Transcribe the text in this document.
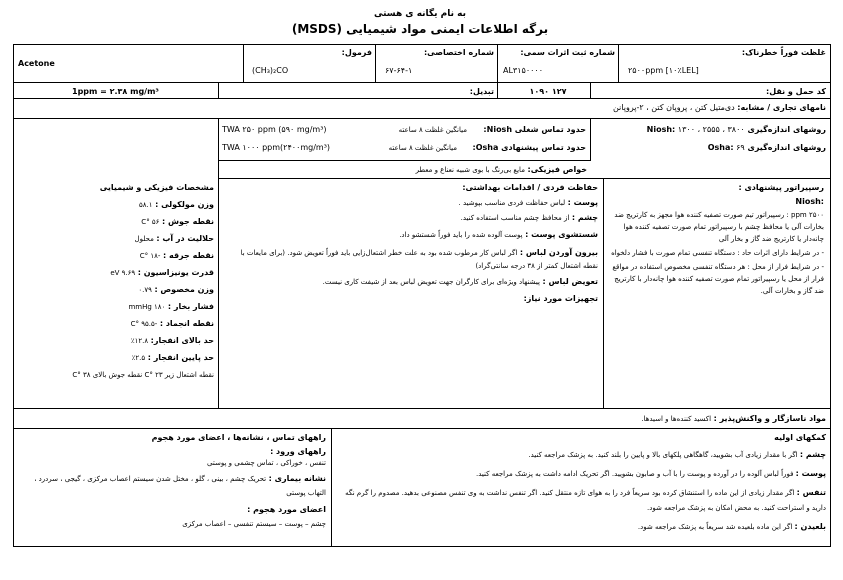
به نام یگانه ی هستی
برگه اطلاعات ایمنی مواد شیمیایی (MSDS)
غلظت فوراً خطرناک:
۲۵۰۰ppm [۱۰٪LEL]
شماره ثبت اثرات سمی:
AL۳۱۵۰۰۰۰
شماره اختصاصی:
۶۷-۶۴-۱
فرمول:
(CH₃)₂CO
Acetone
کد حمل و نقل:
۱۰۹۰ ۱۲۷
تبدیل:
1ppm = ۲.۳۸ mg/m³
نامهای تجاری / مشابه: دی‌متیل کتن ، پروپان کتن ، ۲-پروپانن
روشهای اندازه‌گیری Niosh: ۱۳۰۰ ، ۲۵۵۵ ، ۳۸۰۰
روشهای اندازه‌گیری Osha: ۶۹
حدود تماس شغلی Niosh:
میانگین غلظت ۸ ساعته
TWA ۲۵۰ ppm (۵۹۰ mg/m³)
حدود تماس پیشنهادی Osha:
میانگین غلظت ۸ ساعته
TWA ۱۰۰۰ ppm(۲۴۰۰mg/m³)
خواص فیزیکی: مایع بی‌رنگ با بوی شبیه نعناع و معطر
رسپیراتور پیشنهادی :
Niosh:
ppm ۲۵۰۰ : رسپیراتور تیم صورت تصفیه کننده هوا مجهز به کارتریج ضد بخارات آلی یا محافظ چشم با رسپیراتور تمام صورت تصفیه کننده هوا چانه‌دار یا کارتریج ضد گاز و بخار آلی
- در شرایط دارای اثرات حاد : دستگاه تنفسی تمام صورت با فشار دلخواه
- در شرایط فرار از محل : هر دستگاه تنفسی مخصوص استفاده در مواقع فرار از محل یا رسپیراتور تمام صورت تصفیه کننده هوا چانه‌دار با کارتریج ضد گاز و بخارات آلی.
حفاظت فردی / اقدامات بهداشتی:
پوست : لباس حفاظت فردی مناسب بپوشید .
چشم : از محافظ چشم مناسب استفاده کنید.
شستشوی پوست : پوست آلوده شده را باید فوراً شستشو داد.
بیرون آوردن لباس : اگر لباس کار مرطوب شده بود به علت خطر اشتعال‌زایی باید فوراً تعویض شود. (برای مایعات با نقطه اشتعال کمتر از ۳۸ درجه سانتی‌گراد)
تعویض لباس : پیشنهاد ویژه‌ای برای کارگران جهت تعویض لباس بعد از شیفت کاری نیست.
تجهیزات مورد نیاز:
مشخصات فیزیکی و شیمیایی
وزن مولکولی : ۵۸.۱
نقطه جوش : ۵۶ °C
حلالیت در آب : محلول
نقطه جرقه : -۱۸ °C
قدرت یونیزاسیون : ۹.۶۹ eV
وزن مخصوص : ۰.۷۹
فشار بخار : ۱۸۰ mmHg
نقطه انجماد : -۹۵.۵ °C
حد بالای انفجار: ۱۲.۸٪
حد پایین انفجار : ۲.۵٪
نقطه اشتعال زیر ۲۳ °C نقطه جوش بالای ۳۸ °C
مواد ناسازگار و واکنش‌پذیر : اکسید کننده‌ها و اسیدها.
کمکهای اولیه
چشم : اگر با مقدار زیادی آب بشویید، گاهگاهی پلکهای بالا و پایین را بلند کنید. به پزشک مراجعه کنید.
پوست : فوراً لباس آلوده را در آورده و پوست را با آب و صابون بشویید. اگر تحریک ادامه داشت به پزشک مراجعه کنید.
تنفس : اگر مقدار زیادی از این ماده را استنشاق کرده بود سریعاً فرد را به هوای تازه منتقل کنید. اگر تنفس نداشت به وی تنفس مصنوعی بدهید. مصدوم را گرم نگه دارید و استراحت کنید. به محض امکان به پزشک مراجعه شود.
بلعیدن : اگر این ماده بلعیده شد سریعاً به پزشک مراجعه شود.
راههای تماس ، نشانه‌ها ، اعضای مورد هجوم
راههای ورود :
تنفس ، خوراکی ، تماس چشمی و پوستی
نشانه بیماری : تحریک چشم ، بینی ، گلو ، مختل شدن سیستم اعصاب مرکزی ، گیجی ، سردرد ، التهاب پوستی
اعضای مورد هجوم :
چشم – پوست – سیستم تنفسی – اعصاب مرکزی
